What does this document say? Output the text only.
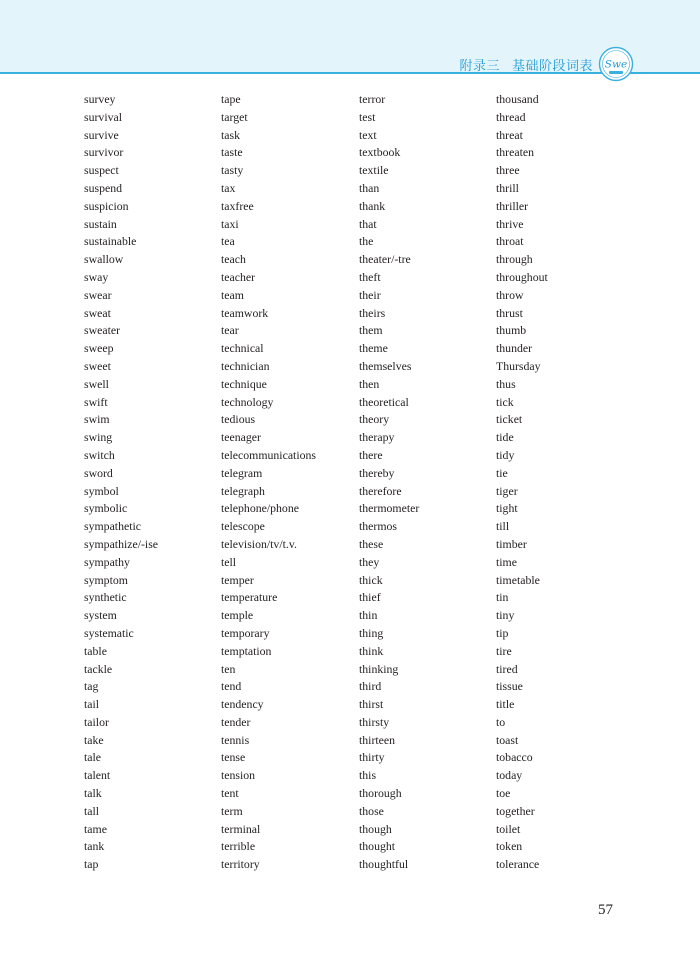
附录三 基础阶段词表 Swe
survey
survival
survive
survivor
suspect
suspend
suspicion
sustain
sustainable
swallow
sway
swear
sweat
sweater
sweep
sweet
swell
swift
swim
swing
switch
sword
symbol
symbolic
sympathetic
sympathize/-ise
sympathy
symptom
synthetic
system
systematic
table
tackle
tag
tail
tailor
take
tale
talent
talk
tall
tame
tank
tap
tape
target
task
taste
tasty
tax
taxfree
taxi
tea
teach
teacher
team
teamwork
tear
technical
technician
technique
technology
tedious
teenager
telecommunications
telegram
telegraph
telephone/phone
telescope
television/tv/t.v.
tell
temper
temperature
temple
temporary
temptation
ten
tend
tendency
tender
tennis
tense
tension
tent
term
terminal
terrible
territory
terror
test
text
textbook
textile
than
thank
that
the
theater/-tre
theft
their
theirs
them
theme
themselves
then
theoretical
theory
therapy
there
thereby
therefore
thermometer
thermos
these
they
thick
thief
thin
thing
think
thinking
third
thirst
thirsty
thirteen
thirty
this
thorough
those
though
thought
thoughtful
thousand
thread
threat
threaten
three
thrill
thriller
thrive
throat
through
throughout
throw
thrust
thumb
thunder
Thursday
thus
tick
ticket
tide
tidy
tie
tiger
tight
till
timber
time
timetable
tin
tiny
tip
tire
tired
tissue
title
to
toast
tobacco
today
toe
together
toilet
token
tolerance
57
